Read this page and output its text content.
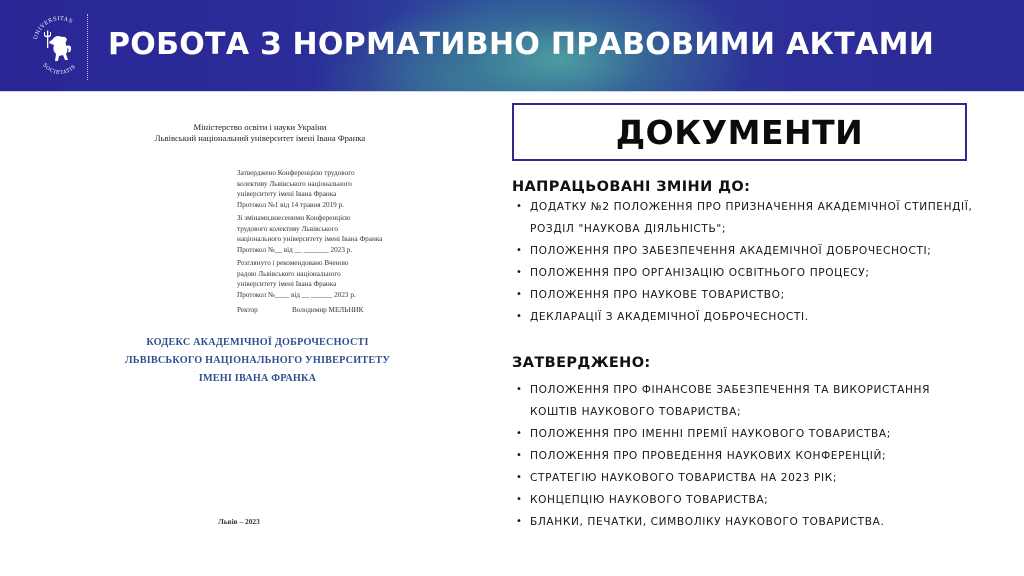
UNIVERSITAS
SOCIETATIS
РОБОТА З НОРМАТИВНО ПРАВОВИМИ АКТАМИ
Міністерство освіти і науки України
Львівський національний університет імені Івана Франка
Затверджено Конференцією трудового
колективу Львівського національного
університету імені Івана Франка
Протокол №1 від 14 травня 2019 р.
Зі змінами,внесеними Конференцією
трудового колективу Львівського
національного університету імені Івана Франка
Протокол №__ від __ _______ 2023 р.
Розглянуто і рекомендовано Вченою
радою Львівського національного
університету імені Івана Франка
Протокол №____ від __ ______ 2023 р.
Ректор	Володимир МЕЛЬНИК
КОДЕКС АКАДЕМІЧНОЇ ДОБРОЧЕСНОСТІ
ЛЬВІВСЬКОГО НАЦІОНАЛЬНОГО УНІВЕРСИТЕТУ
ІМЕНІ ІВАНА ФРАНКА
Львів – 2023
ДОКУМЕНТИ
НАПРАЦЬОВАНІ ЗМІНИ ДО:
• ДОДАТКУ №2 ПОЛОЖЕННЯ ПРО ПРИЗНАЧЕННЯ АКАДЕМІЧНОЇ СТИПЕНДІЇ,
РОЗДІЛ "НАУКОВА ДІЯЛЬНІСТЬ";
• ПОЛОЖЕННЯ ПРО ЗАБЕЗПЕЧЕННЯ АКАДЕМІЧНОЇ ДОБРОЧЕСНОСТІ;
• ПОЛОЖЕННЯ ПРО ОРГАНІЗАЦІЮ ОСВІТНЬОГО ПРОЦЕСУ;
• ПОЛОЖЕННЯ ПРО НАУКОВЕ ТОВАРИСТВО;
• ДЕКЛАРАЦІЇ З АКАДЕМІЧНОЇ ДОБРОЧЕСНОСТІ.
ЗАТВЕРДЖЕНО:
• ПОЛОЖЕННЯ ПРО ФІНАНСОВЕ ЗАБЕЗПЕЧЕННЯ ТА ВИКОРИСТАННЯ
КОШТІВ НАУКОВОГО ТОВАРИСТВА;
• ПОЛОЖЕННЯ ПРО ІМЕННІ ПРЕМІЇ НАУКОВОГО ТОВАРИСТВА;
• ПОЛОЖЕННЯ ПРО ПРОВЕДЕННЯ НАУКОВИХ КОНФЕРЕНЦІЙ;
• СТРАТЕГІЮ НАУКОВОГО ТОВАРИСТВА НА 2023 РІК;
• КОНЦЕПЦІЮ НАУКОВОГО ТОВАРИСТВА;
• БЛАНКИ, ПЕЧАТКИ, СИМВОЛІКУ НАУКОВОГО ТОВАРИСТВА.
